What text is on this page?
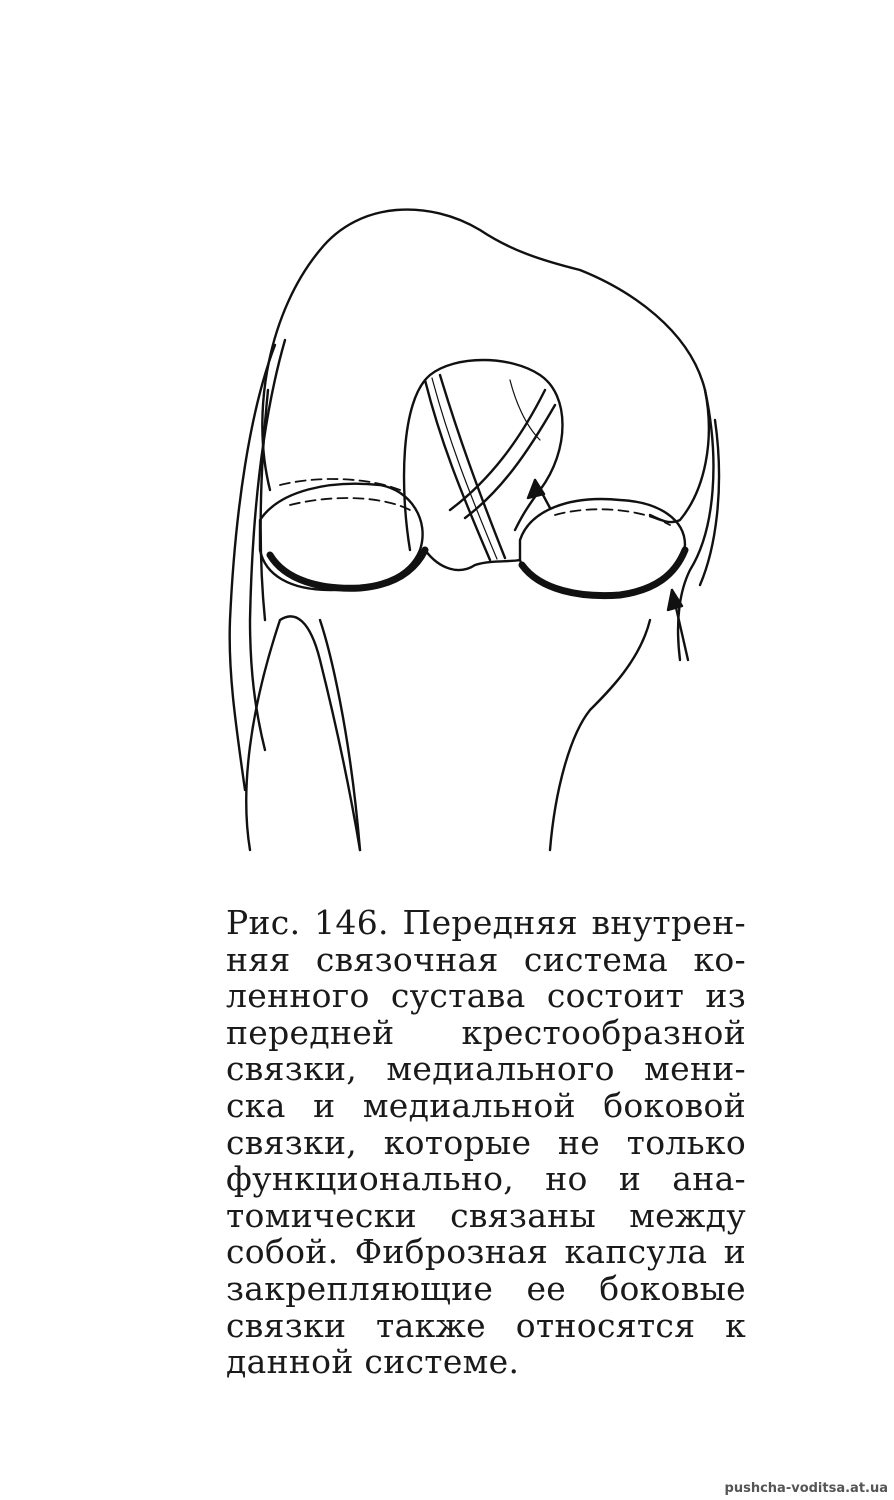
Рис. 146. Передняя внутрен-
няя связочная система ко-
ленного сустава состоит из
передней крестообразной
связки, медиального мени-
ска и медиальной боковой
связки, которые не только
функционально, но и ана-
томически связаны между
собой. Фиброзная капсула и
закрепляющие ее боковые
связки также относятся к
данной системе.
pushcha-voditsa.at.ua
